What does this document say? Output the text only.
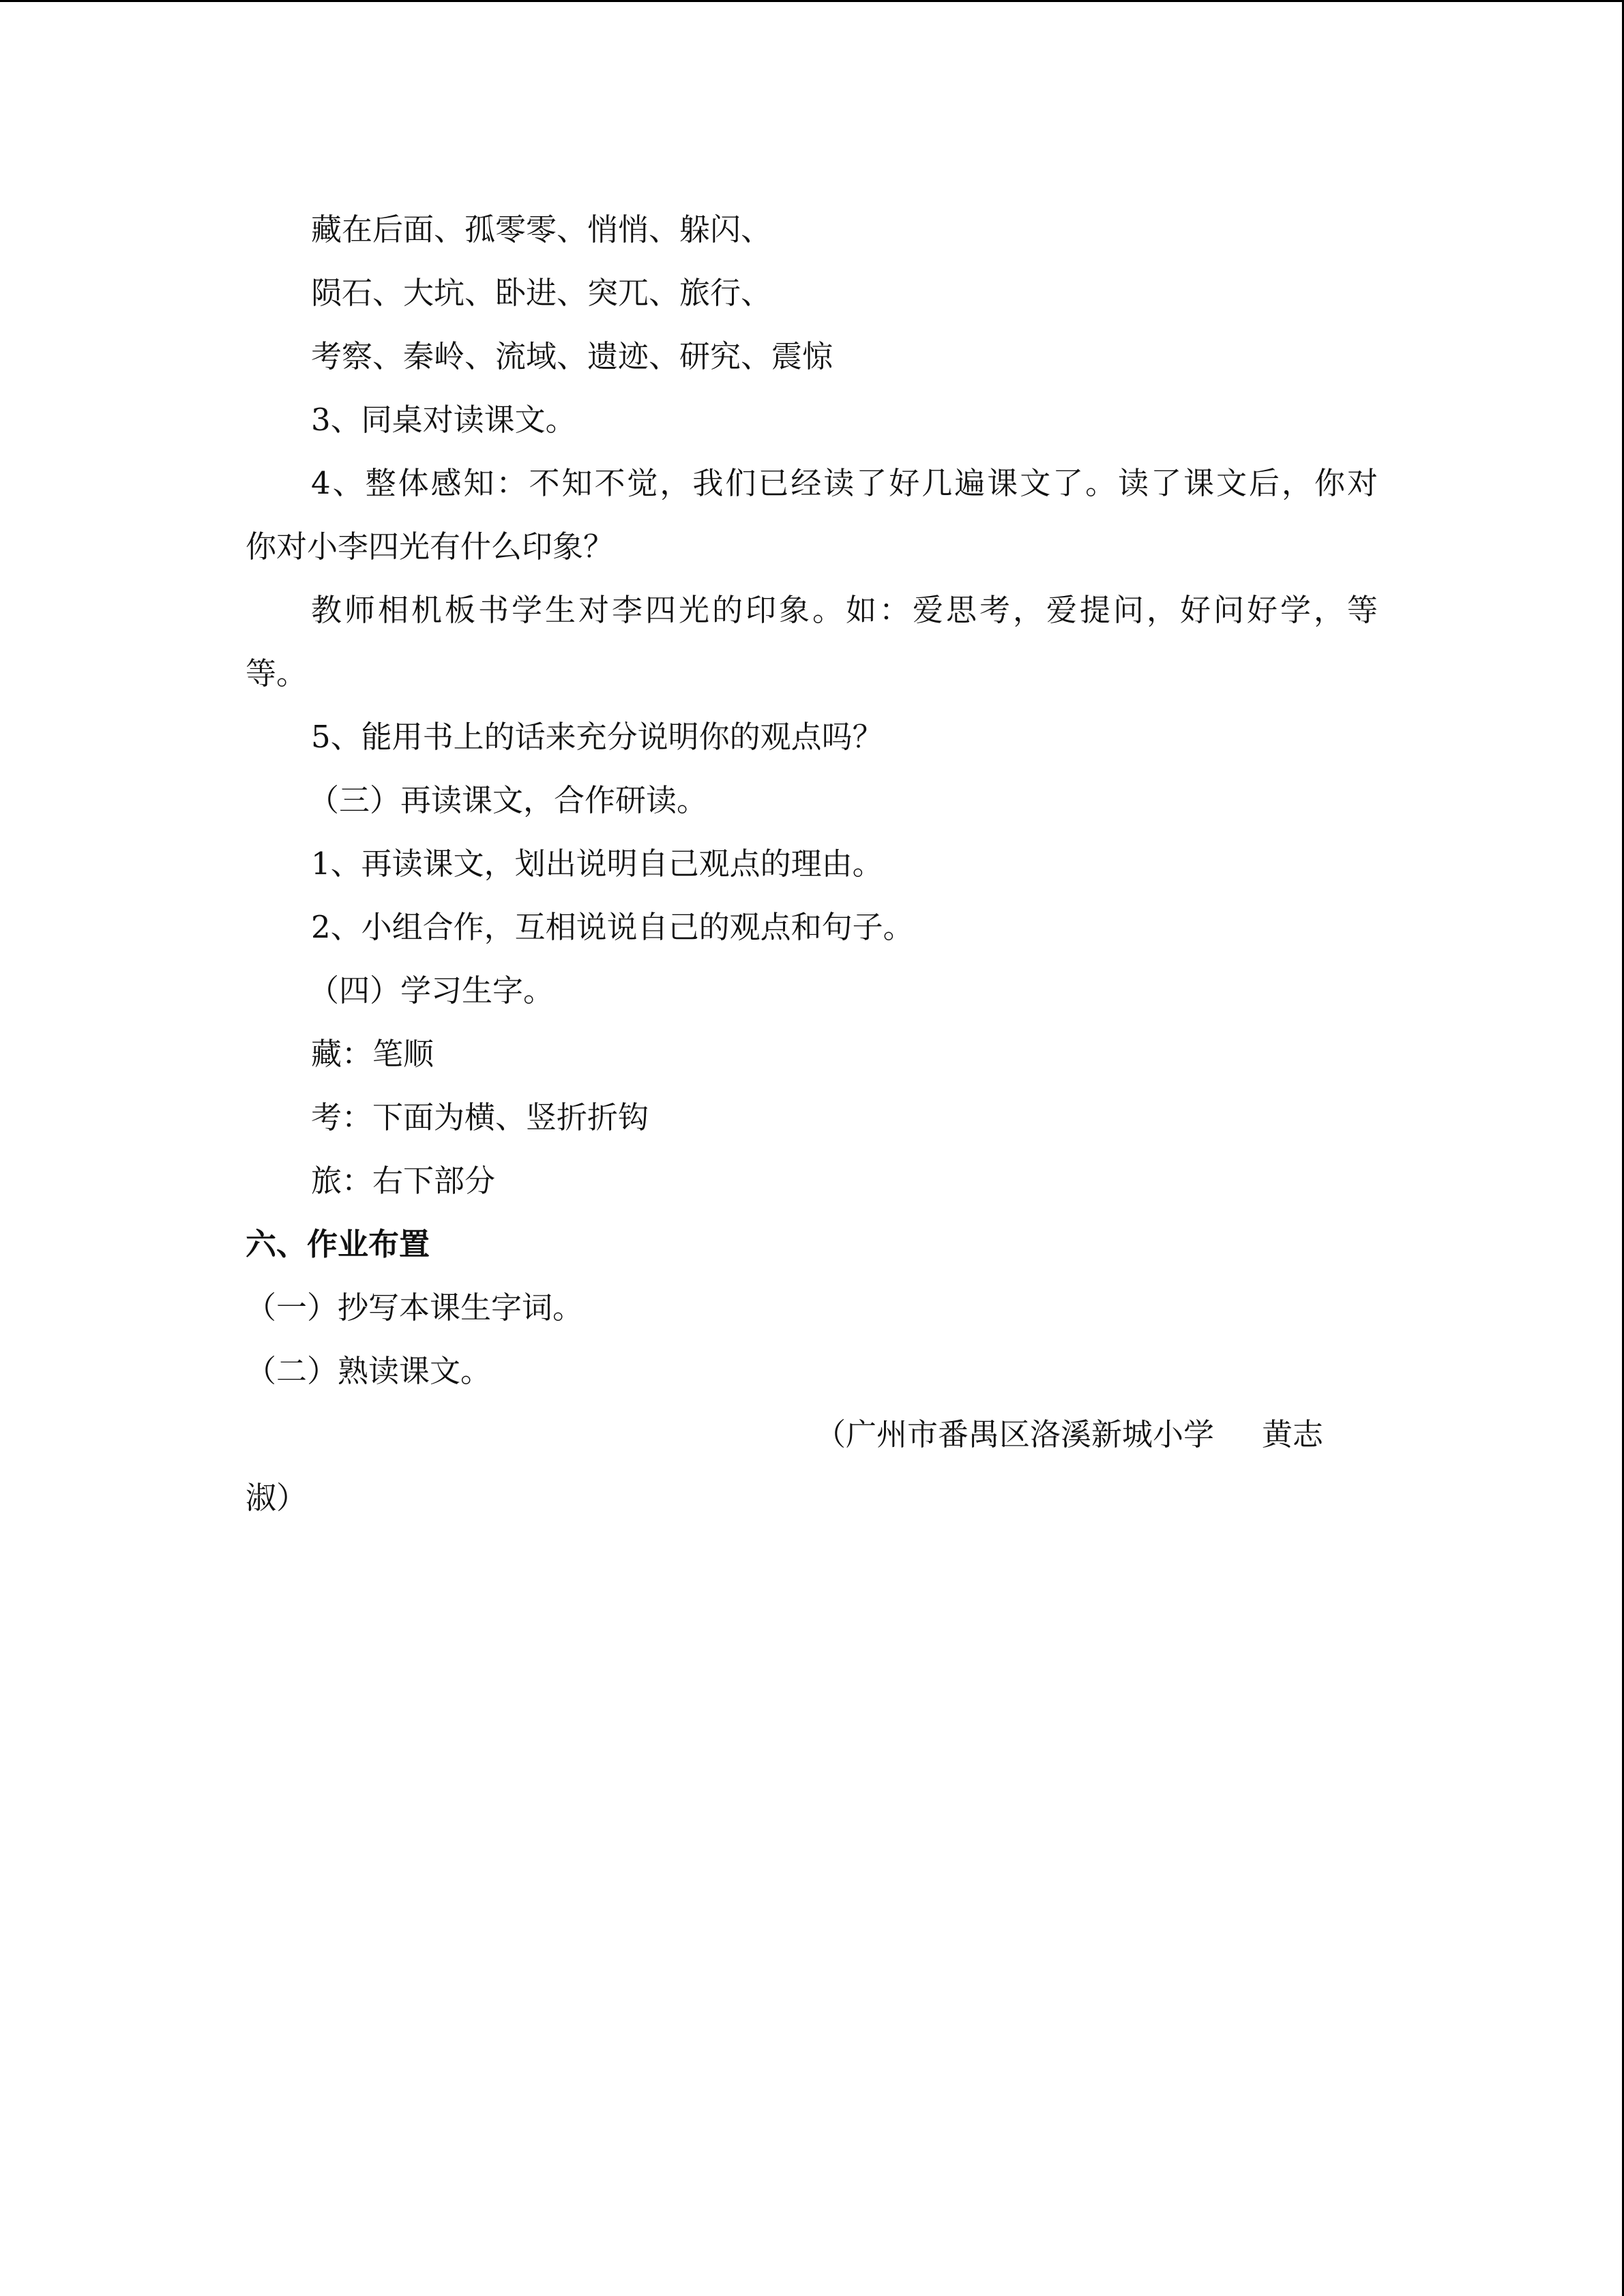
藏在后面、孤零零、悄悄、躲闪、

陨石、大坑、卧进、突兀、旅行、

考察、秦岭、流域、遗迹、研究、震惊

3、同桌对读课文。

4、整体感知：不知不觉，我们已经读了好几遍课文了。读了课文后，你对

你对小李四光有什么印象？

教师相机板书学生对李四光的印象。如：爱思考，爱提问，好问好学，等

等。

5、能用书上的话来充分说明你的观点吗？

（三）再读课文，合作研读。

1、再读课文，划出说明自己观点的理由。

2、小组合作，互相说说自己的观点和句子。

（四）学习生字。

藏：笔顺

考：下面为横、竖折折钩

旅：右下部分

六、作业布置

（一）抄写本课生字词。

（二）熟读课文。

（广州市番禺区洛溪新城小学 黄志

淑）
